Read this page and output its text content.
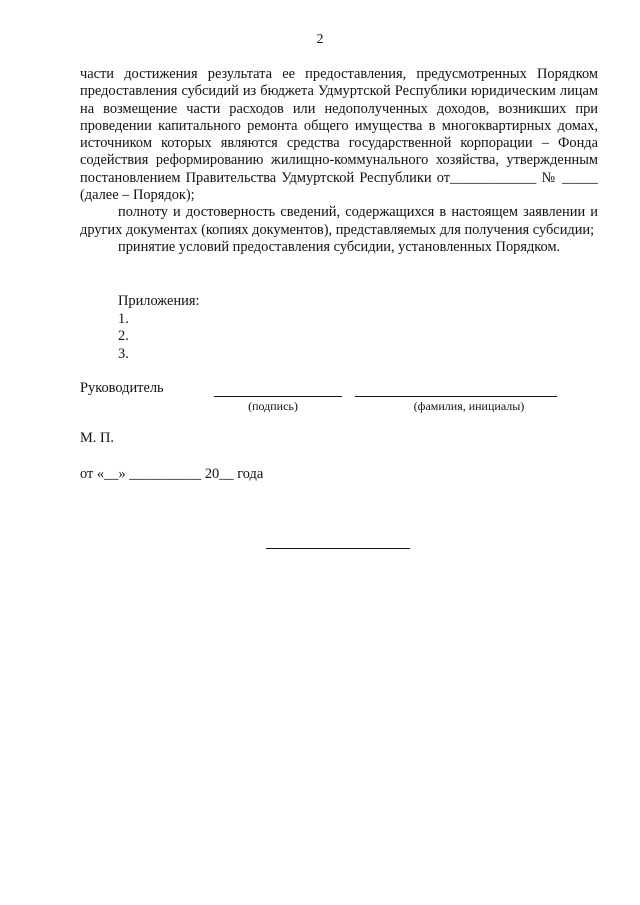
2

части достижения результата ее предоставления, предусмотренных Порядком предоставления субсидий из бюджета Удмуртской Республики юридическим лицам на возмещение части расходов или недополученных доходов, возникших при проведении капитального ремонта общего имущества в многоквартирных домах, источником которых являются средства государственной корпорации – Фонда содействия реформированию жилищно-коммунального хозяйства, утвержденным постановлением Правительства Удмуртской Республики от____________ № _____ (далее – Порядок);

полноту и достоверность сведений, содержащихся в настоящем заявлении и других документах (копиях документов), представляемых для получения субсидии;

принятие условий предоставления субсидии, установленных Порядком.

Приложения:
1.
2.
3.
Руководитель
(подпись)	(фамилия, инициалы)
М. П.
от «__» __________ 20__ года
